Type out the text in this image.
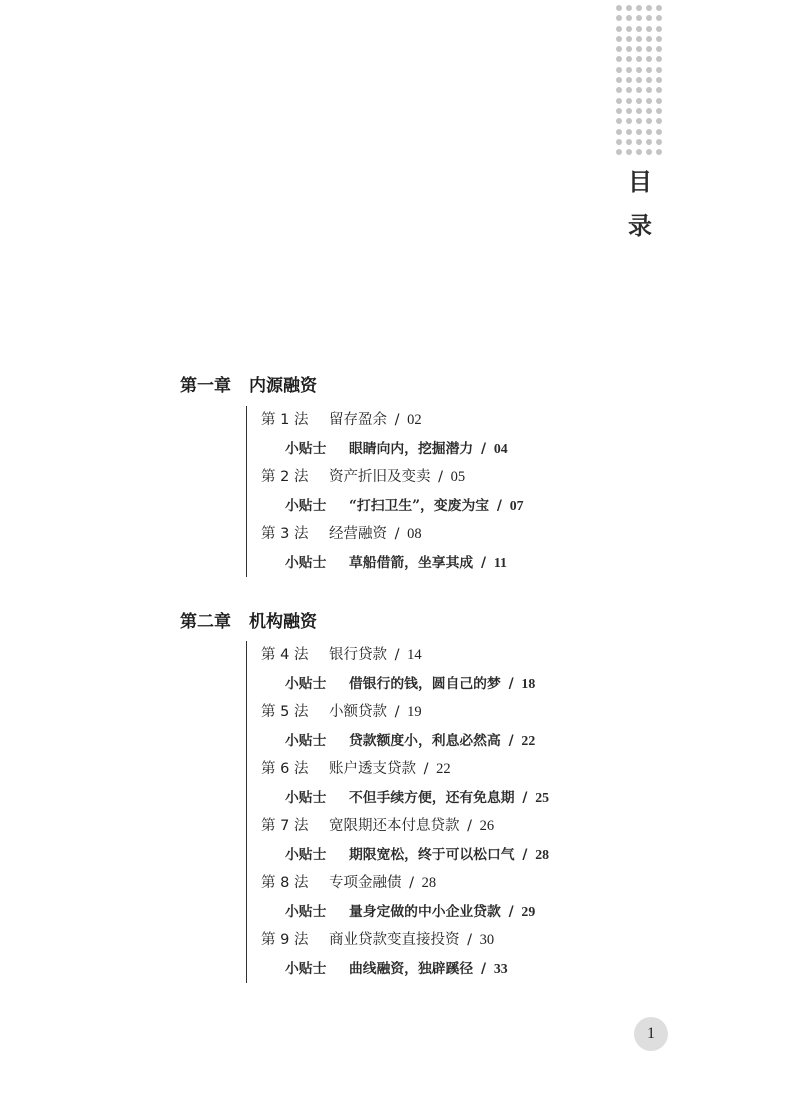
目
录
第一章 内源融资
第 1 法 留存盈余 / 02
小贴士 眼睛向内，挖掘潜力 / 04
第 2 法 资产折旧及变卖 / 05
小贴士 “打扫卫生”，变废为宝 / 07
第 3 法 经营融资 / 08
小贴士 草船借箭，坐享其成 / 11
第二章 机构融资
第 4 法 银行贷款 / 14
小贴士 借银行的钱，圆自己的梦 / 18
第 5 法 小额贷款 / 19
小贴士 贷款额度小，利息必然高 / 22
第 6 法 账户透支贷款 / 22
小贴士 不但手续方便，还有免息期 / 25
第 7 法 宽限期还本付息贷款 / 26
小贴士 期限宽松，终于可以松口气 / 28
第 8 法 专项金融债 / 28
小贴士 量身定做的中小企业贷款 / 29
第 9 法 商业贷款变直接投资 / 30
小贴士 曲线融资，独辟蹊径 / 33
1
